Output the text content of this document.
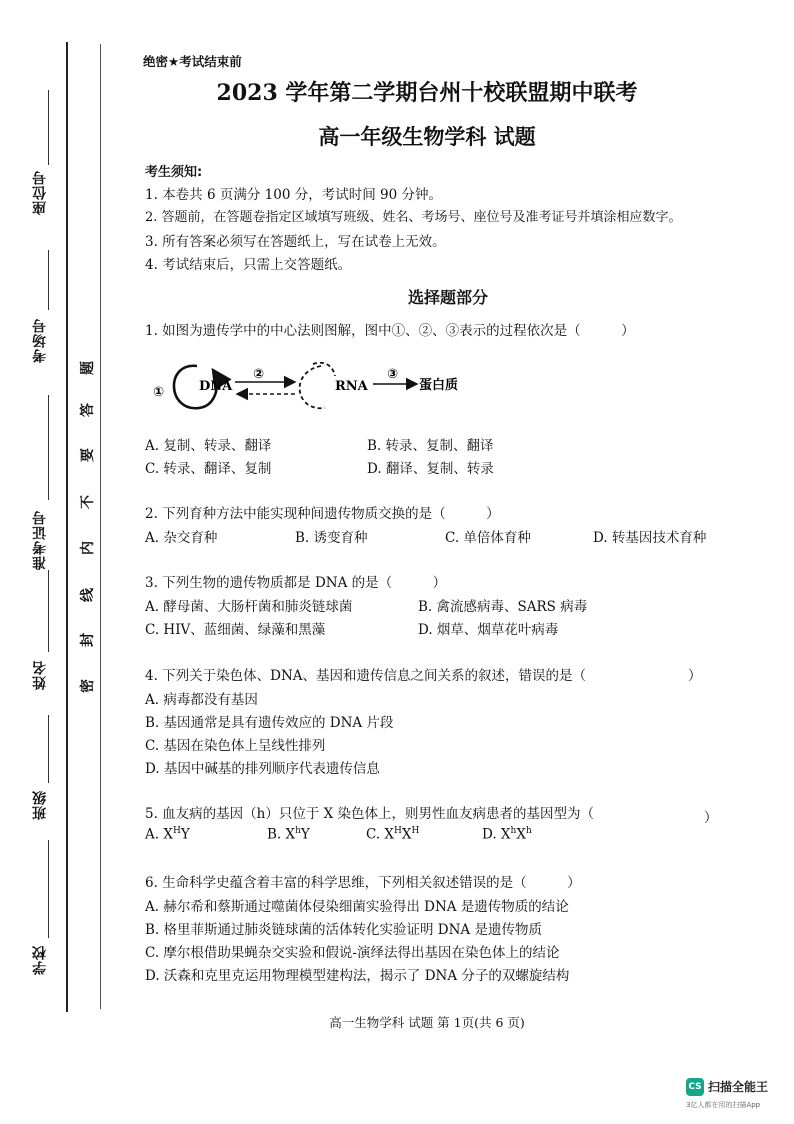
座位号
考场号
准考证号
姓名
班级
学校
题
答
要
不
内
线
封
密
绝密★考试结束前
2023 学年第二学期台州十校联盟期中联考
高一年级生物学科 试题
考生须知:
1. 本卷共 6 页满分 100 分，考试时间 90 分钟。
2. 答题前，在答题卷指定区域填写班级、姓名、考场号、座位号及准考证号并填涂相应数字。
3. 所有答案必须写在答题纸上，写在试卷上无效。
4. 考试结束后，只需上交答题纸。
选择题部分
1. 如图为遗传学中的中心法则图解，图中①、②、③表示的过程依次是（　　　）
①	DNA
②
RNA
③
蛋白质
A. 复制、转录、翻译	B. 转录、复制、翻译
C. 转录、翻译、复制	D. 翻译、复制、转录
2. 下列育种方法中能实现种间遗传物质交换的是（　　　）
A. 杂交育种	B. 诱变育种	C. 单倍体育种	D. 转基因技术育种
3. 下列生物的遗传物质都是 DNA 的是（　　　）
A. 酵母菌、大肠杆菌和肺炎链球菌	B. 禽流感病毒、SARS 病毒
C. HIV、蓝细菌、绿藻和黑藻	D. 烟草、烟草花叶病毒
4. 下列关于染色体、DNA、基因和遗传信息之间关系的叙述，错误的是（	）
A. 病毒都没有基因
B. 基因通常是具有遗传效应的 DNA 片段
C. 基因在染色体上呈线性排列
D. 基因中碱基的排列顺序代表遗传信息
5. 血友病的基因（h）只位于 X 染色体上，则男性血友病患者的基因型为（	）
A. $X^HY$	B. $X^hY$	C. $X^HX^H$	D. $X^hX^h$
6. 生命科学史蕴含着丰富的科学思维，下列相关叙述错误的是（　　　）
A. 赫尔希和蔡斯通过噬菌体侵染细菌实验得出 DNA 是遗传物质的结论
B. 格里菲斯通过肺炎链球菌的活体转化实验证明 DNA 是遗传物质
C. 摩尔根借助果蝇杂交实验和假说-演绎法得出基因在染色体上的结论
D. 沃森和克里克运用物理模型建构法，揭示了 DNA 分子的双螺旋结构
高一生物学科 试题 第 1页(共 6 页)
CS 扫描全能王
3亿人都在用的扫描App
